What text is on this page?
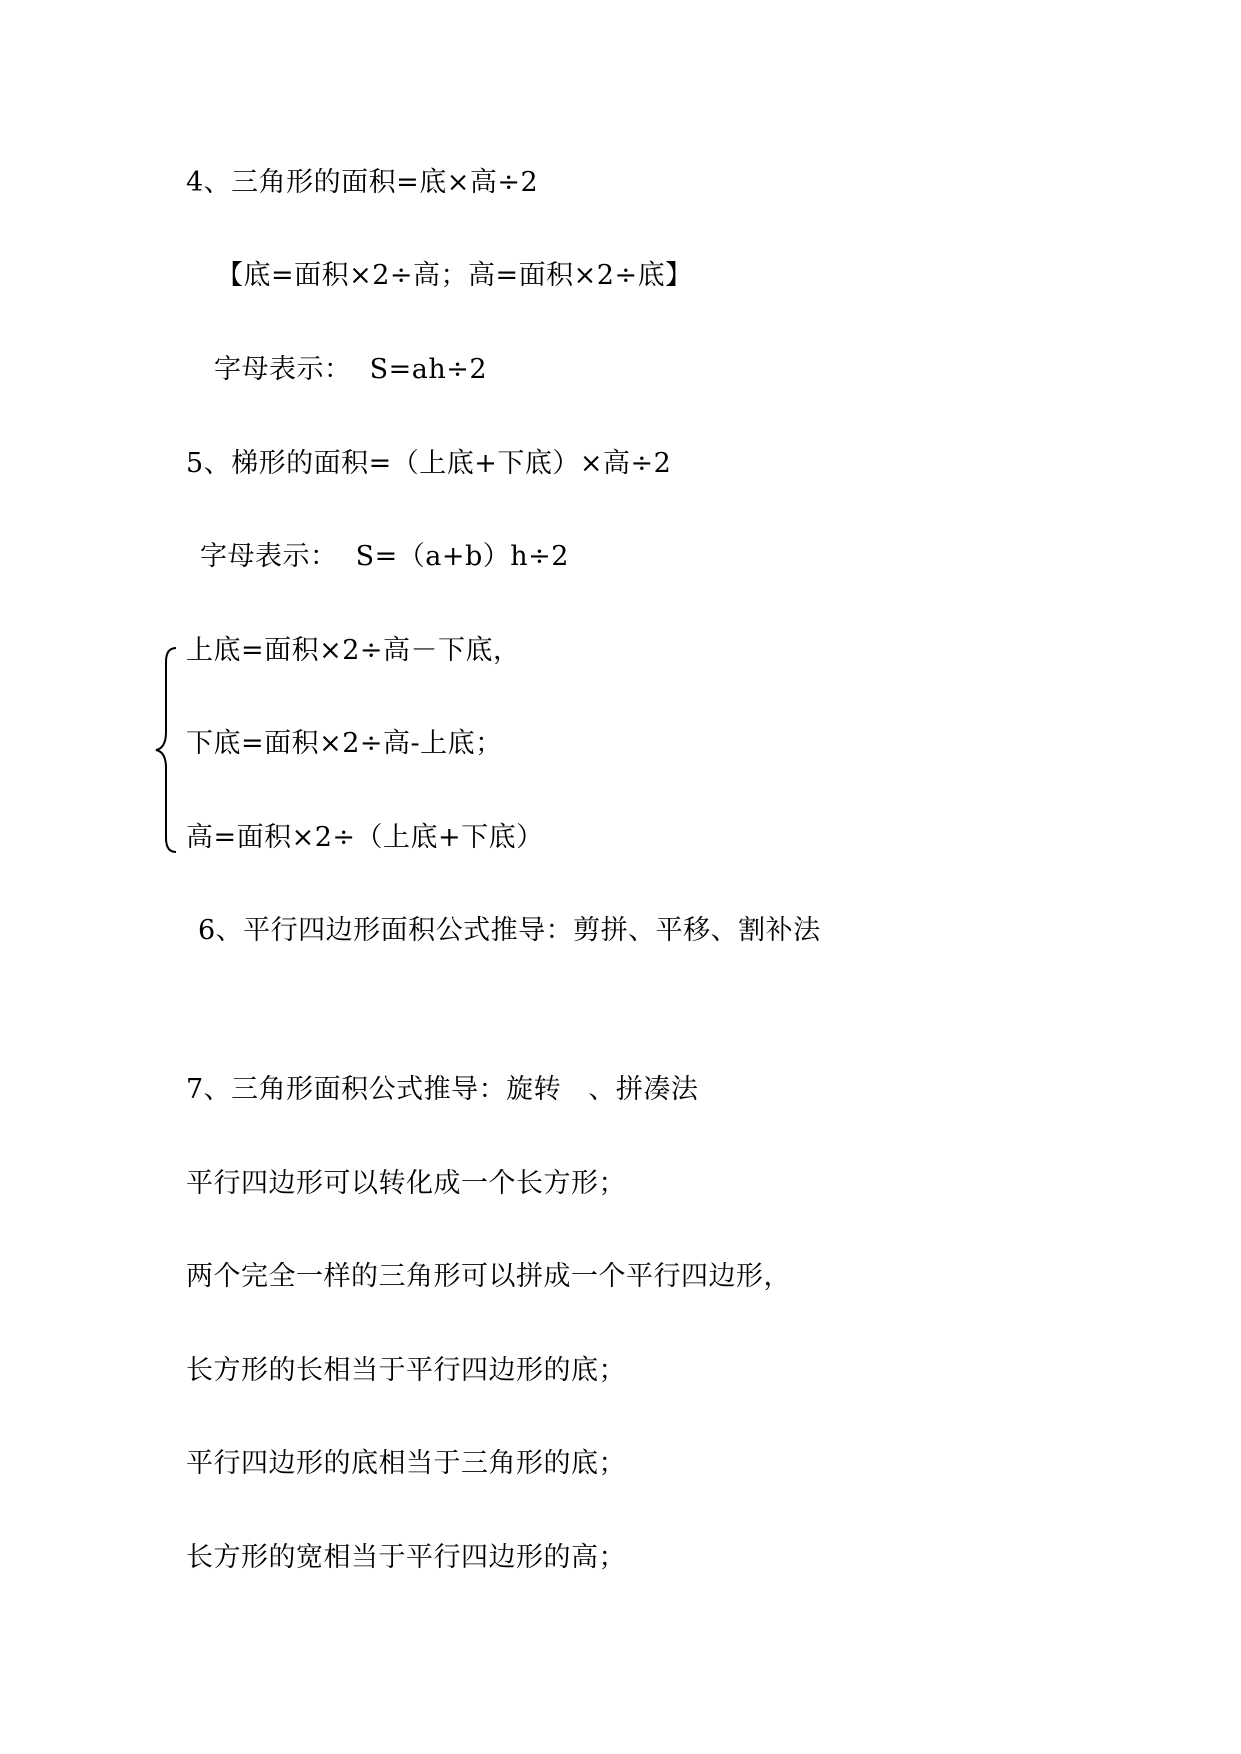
4、三角形的面积=底×高÷2
【底=面积×2÷高；高=面积×2÷底】
字母表示：  S=ah÷2
5、梯形的面积=（上底+下底）×高÷2
字母表示：  S=（a+b）h÷2
上底=面积×2÷高－下底，
下底=面积×2÷高-上底；
高=面积×2÷（上底+下底）
6、平行四边形面积公式推导：剪拼、平移、割补法
7、三角形面积公式推导：旋转   、拼凑法
平行四边形可以转化成一个长方形；
两个完全一样的三角形可以拼成一个平行四边形，
长方形的长相当于平行四边形的底；
平行四边形的底相当于三角形的底；
长方形的宽相当于平行四边形的高；
